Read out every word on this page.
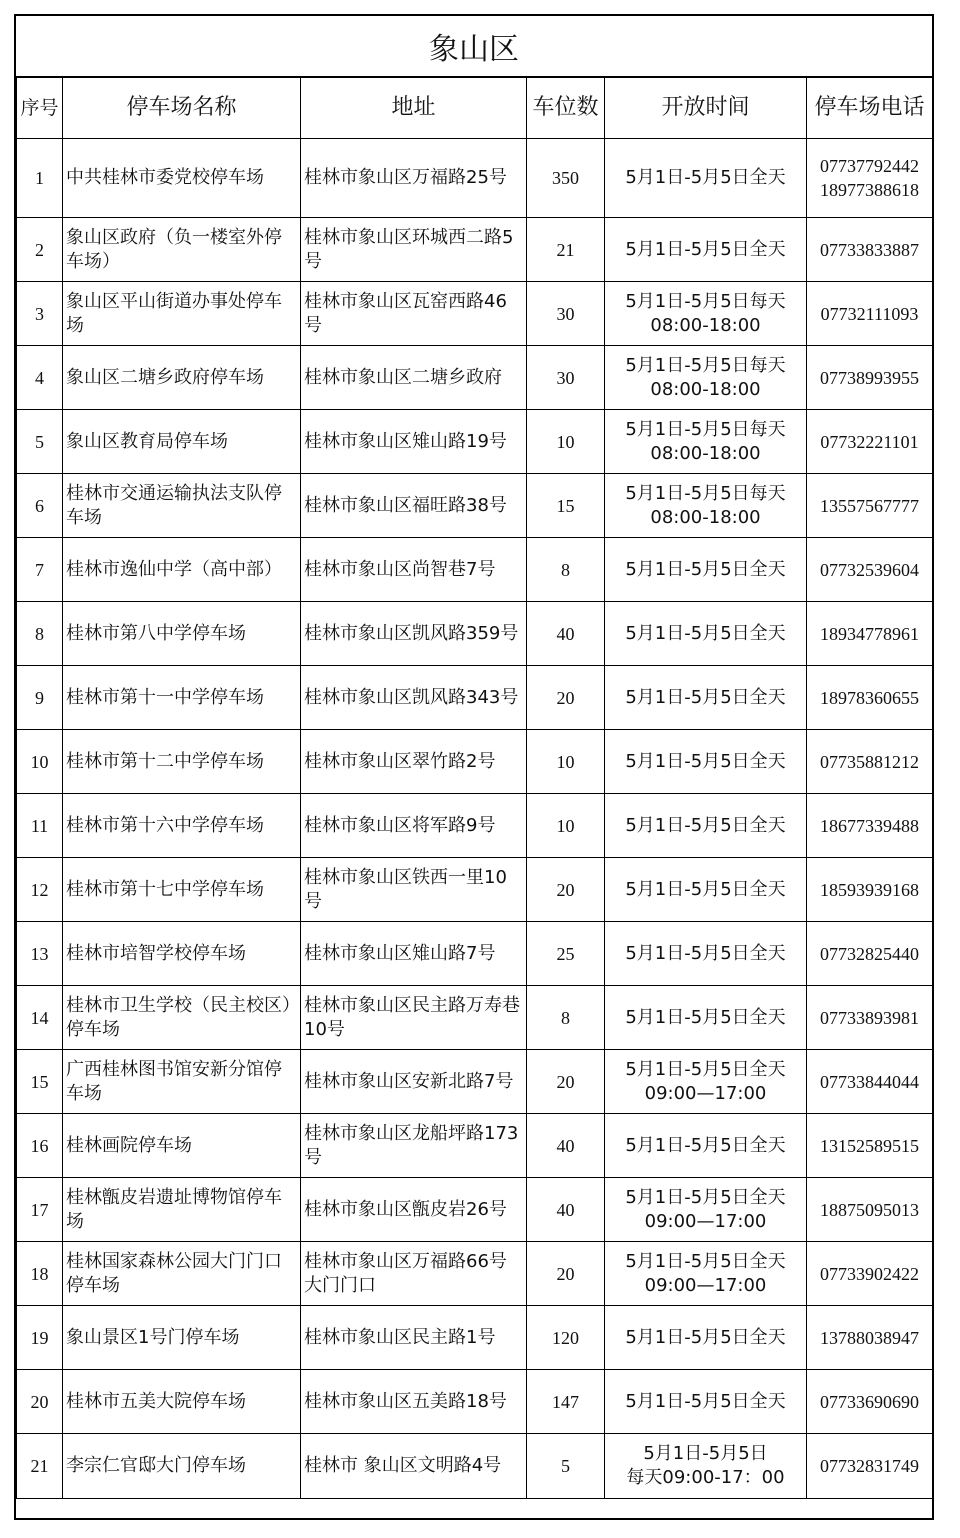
象山区
序号	停车场名称	地址	车位数	开放时间	停车场电话
1	中共桂林市委党校停车场	桂林市象山区万福路25号	350	5月1日-5月5日全天	07737792442
18977388618

2	象山区政府（负一楼室外停车场）	桂林市象山区环城西二路5号	21	5月1日-5月5日全天	07733833887

3	象山区平山街道办事处停车场	桂林市象山区瓦窑西路46号	30	5月1日-5月5日每天
08:00-18:00	07732111093

4	象山区二塘乡政府停车场	桂林市象山区二塘乡政府	30	5月1日-5月5日每天
08:00-18:00	07738993955

5	象山区教育局停车场	桂林市象山区雉山路19号	10	5月1日-5月5日每天
08:00-18:00	07732221101

6	桂林市交通运输执法支队停车场	桂林市象山区福旺路38号	15	5月1日-5月5日每天
08:00-18:00	13557567777

7	桂林市逸仙中学（高中部）	桂林市象山区尚智巷7号	8	5月1日-5月5日全天	07732539604

8	桂林市第八中学停车场	桂林市象山区凯风路359号	40	5月1日-5月5日全天	18934778961

9	桂林市第十一中学停车场	桂林市象山区凯风路343号	20	5月1日-5月5日全天	18978360655

10	桂林市第十二中学停车场	桂林市象山区翠竹路2号	10	5月1日-5月5日全天	07735881212

11	桂林市第十六中学停车场	桂林市象山区将军路9号	10	5月1日-5月5日全天	18677339488

12	桂林市第十七中学停车场	桂林市象山区铁西一里10号	20	5月1日-5月5日全天	18593939168

13	桂林市培智学校停车场	桂林市象山区雉山路7号	25	5月1日-5月5日全天	07732825440

14	桂林市卫生学校（民主校区）停车场	桂林市象山区民主路万寿巷10号	8	5月1日-5月5日全天	07733893981

15	广西桂林图书馆安新分馆停车场	桂林市象山区安新北路7号	20	5月1日-5月5日全天
09:00—17:00	07733844044

16	桂林画院停车场	桂林市象山区龙船坪路173号	40	5月1日-5月5日全天	13152589515

17	桂林甑皮岩遗址博物馆停车场	桂林市象山区甑皮岩26号	40	5月1日-5月5日全天
09:00—17:00	18875095013

18	桂林国家森林公园大门门口停车场	桂林市象山区万福路66号大门门口	20	5月1日-5月5日全天
09:00—17:00	07733902422

19	象山景区1号门停车场	桂林市象山区民主路1号	120	5月1日-5月5日全天	13788038947

20	桂林市五美大院停车场	桂林市象山区五美路18号	147	5月1日-5月5日全天	07733690690

21	李宗仁官邸大门停车场	桂林市 象山区文明路4号	5	5月1日-5月5日
每天09:00-17：00	07732831749
